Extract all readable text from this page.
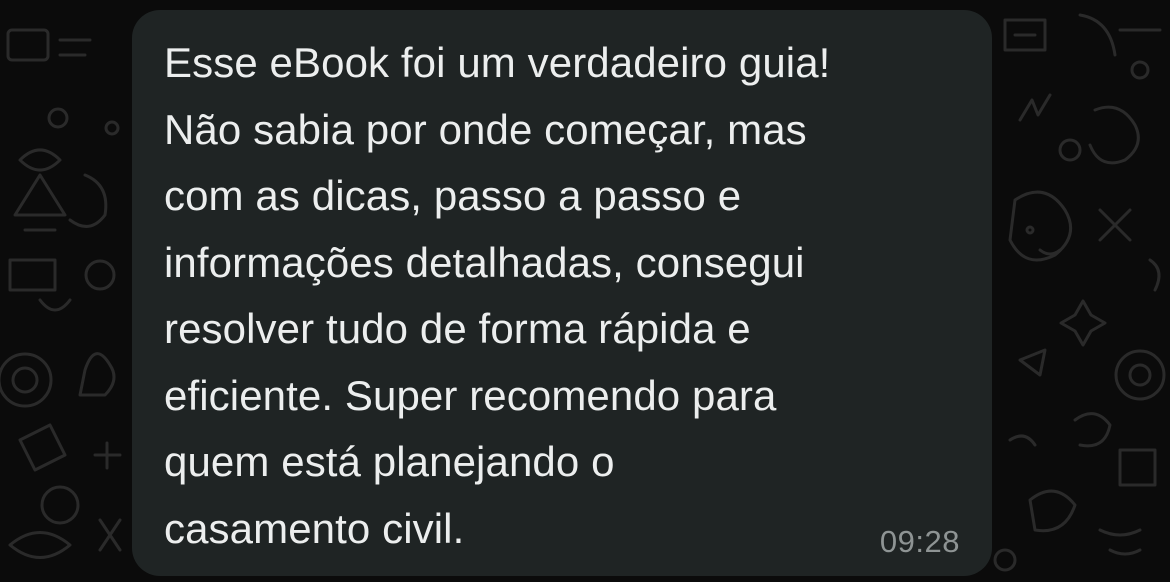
Esse eBook foi um verdadeiro guia!
Não sabia por onde começar, mas
com as dicas, passo a passo e
informações detalhadas, consegui
resolver tudo de forma rápida e
eficiente. Super recomendo para
quem está planejando o
casamento civil.	09:28
